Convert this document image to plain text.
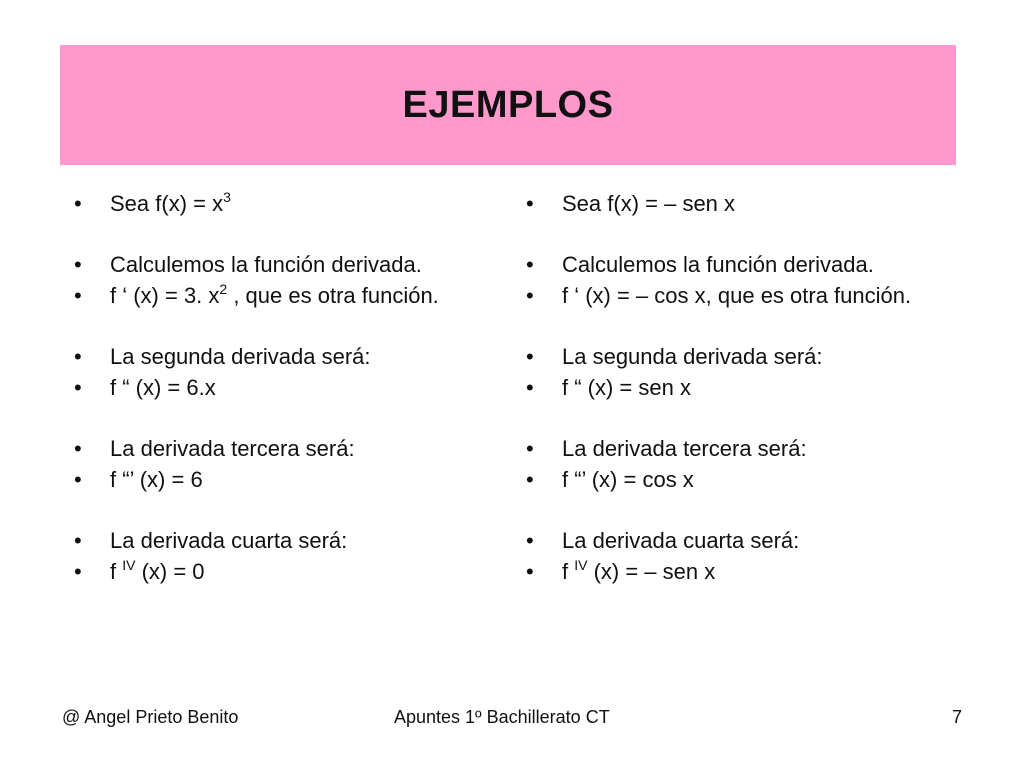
EJEMPLOS
• Sea $f(x) = x^3$
• Calculemos la función derivada.
• f ‘ (x) = 3. $x^2$ , que es otra función.
• La segunda derivada será:
• f “ (x) = 6.x
• La derivada tercera será:
• f “’ (x) = 6
• La derivada cuarta será:
• f $^{IV}$ (x) = 0
• Sea f(x) = – sen x
• Calculemos la función derivada.
• f ‘ (x) = – cos x, que es otra función.
• La segunda derivada será:
• f “ (x) = sen x
• La derivada tercera será:
• f “’ (x) = cos x
• La derivada cuarta será:
• f $^{IV}$ (x) = – sen x
@ Angel Prieto Benito	Apuntes 1º Bachillerato CT	7
